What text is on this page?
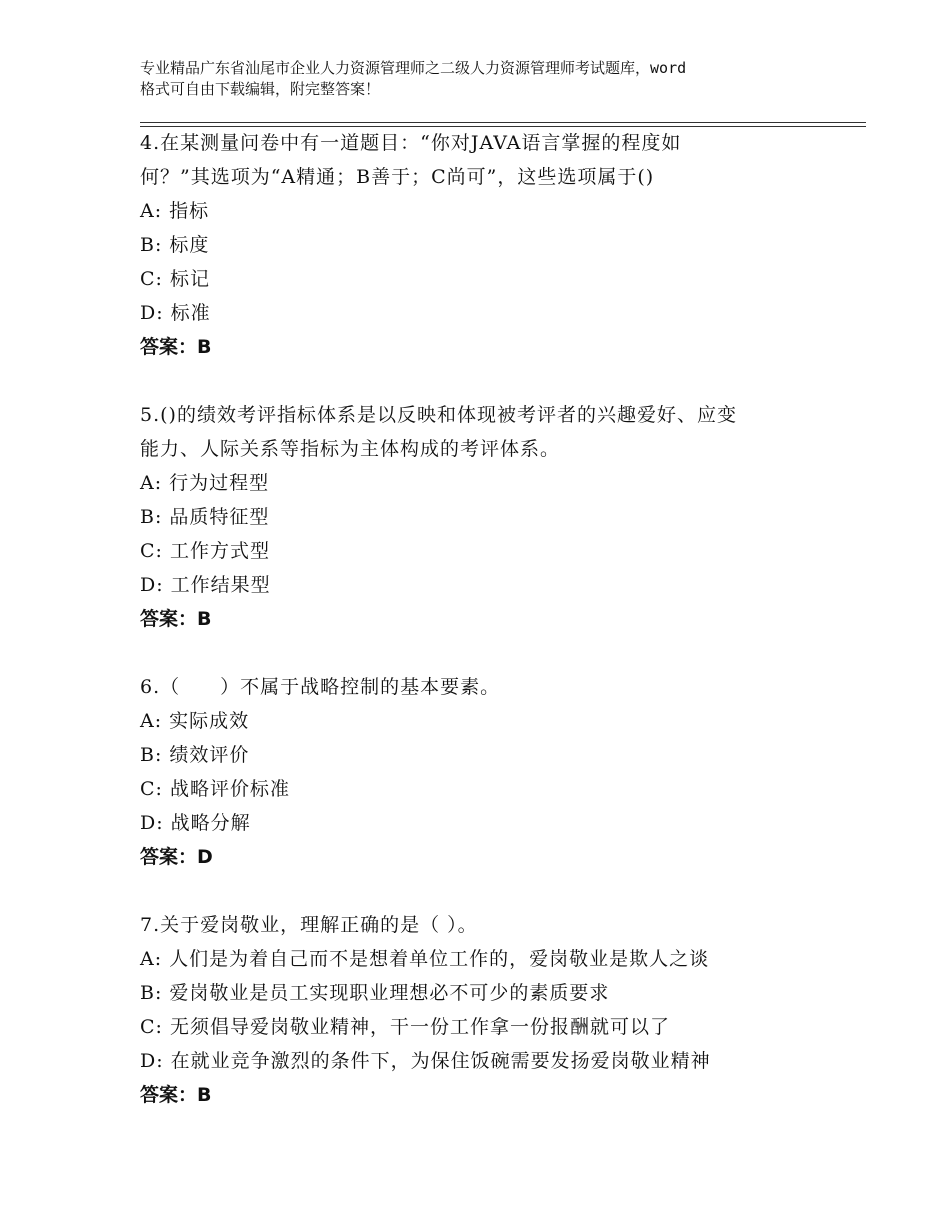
专业精品广东省汕尾市企业人力资源管理师之二级人力资源管理师考试题库，word
格式可自由下载编辑，附完整答案！
4.在某测量问卷中有一道题目：“你对JAVA语言掌握的程度如
何？”其选项为“A精通；B善于；C尚可”，这些选项属于()
A: 指标
B: 标度
C: 标记
D: 标准
答案：B
5.()的绩效考评指标体系是以反映和体现被考评者的兴趣爱好、应变
能力、人际关系等指标为主体构成的考评体系。
A: 行为过程型
B: 品质特征型
C: 工作方式型
D: 工作结果型
答案：B
6.（　　）不属于战略控制的基本要素。
A: 实际成效
B: 绩效评价
C: 战略评价标准
D: 战略分解
答案：D
7.关于爱岗敬业，理解正确的是（ ）。
A: 人们是为着自己而不是想着单位工作的，爱岗敬业是欺人之谈
B: 爱岗敬业是员工实现职业理想必不可少的素质要求
C: 无须倡导爱岗敬业精神，干一份工作拿一份报酬就可以了
D: 在就业竞争激烈的条件下，为保住饭碗需要发扬爱岗敬业精神
答案：B
